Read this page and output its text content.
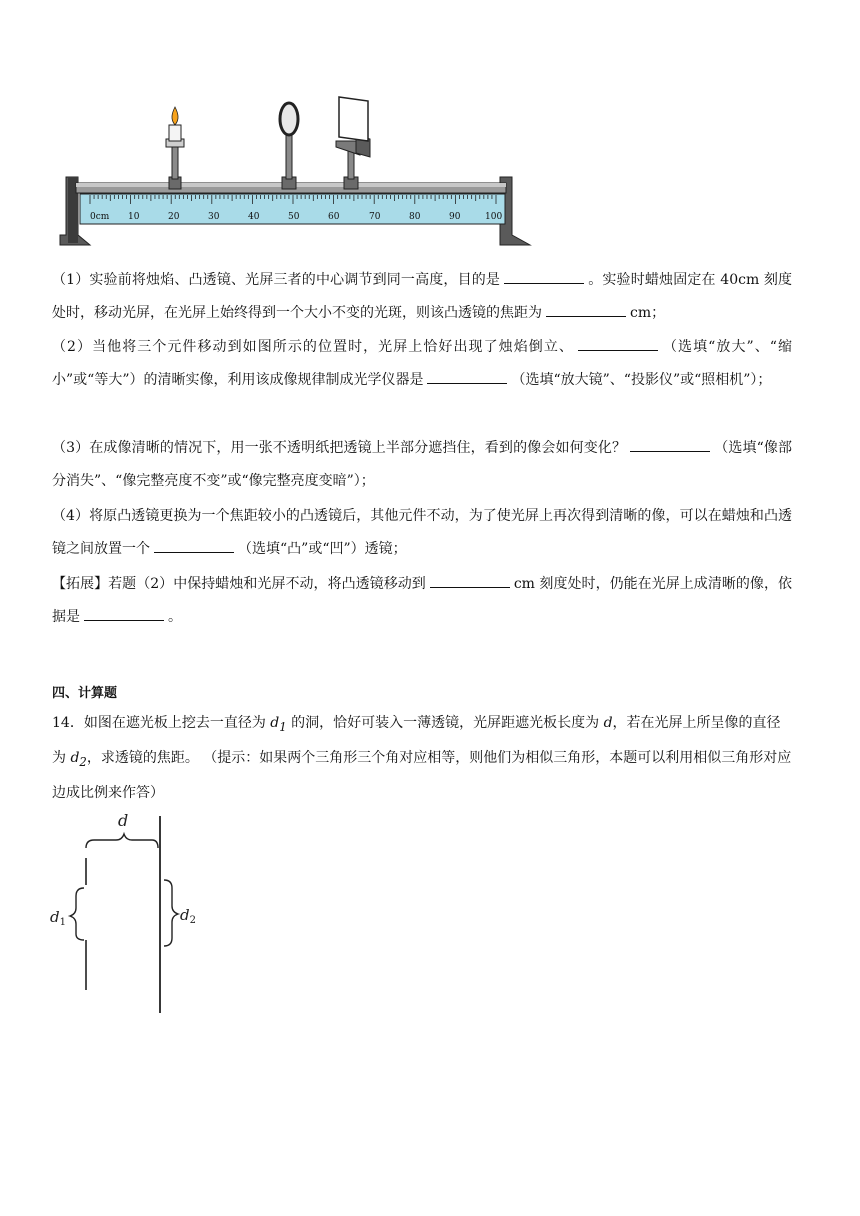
0cm 10	20	30	40	50	60	70	80	90	100

（1）实验前将烛焰、凸透镜、光屏三者的中心调节到同一高度，目的是	。实验时蜡烛固定在 40cm 刻度处时，移动光屏，在光屏上始终得到一个大小不变的光斑，则该凸透镜的焦距为	cm；

（2）当他将三个元件移动到如图所示的位置时，光屏上恰好出现了烛焰倒立、	（选填“放大”、“缩小”或“等大”）的清晰实像，利用该成像规律制成光学仪器是	（选填“放大镜”、“投影仪”或“照相机”）；

（3）在成像清晰的情况下，用一张不透明纸把透镜上半部分遮挡住，看到的像会如何变化？	（选填“像部分消失”、“像完整亮度不变”或“像完整亮度变暗”）；

（4）将原凸透镜更换为一个焦距较小的凸透镜后，其他元件不动，为了使光屏上再次得到清晰的像，可以在蜡烛和凸透镜之间放置一个	（选填“凸”或“凹”）透镜；

【拓展】若题（2）中保持蜡烛和光屏不动，将凸透镜移动到	cm 刻度处时，仍能在光屏上成清晰的像，依据是	。

四、计算题

14．如图在遮光板上挖去一直径为 $d_1$ 的洞，恰好可装入一薄透镜，光屏距遮光板长度为 d，若在光屏上所呈像的直径为 $d_2$，求透镜的焦距。 （提示：如果两个三角形三个角对应相等，则他们为相似三角形，本题可以利用相似三角形对应边成比例来作答）

d
$d_1$	$d_2$
